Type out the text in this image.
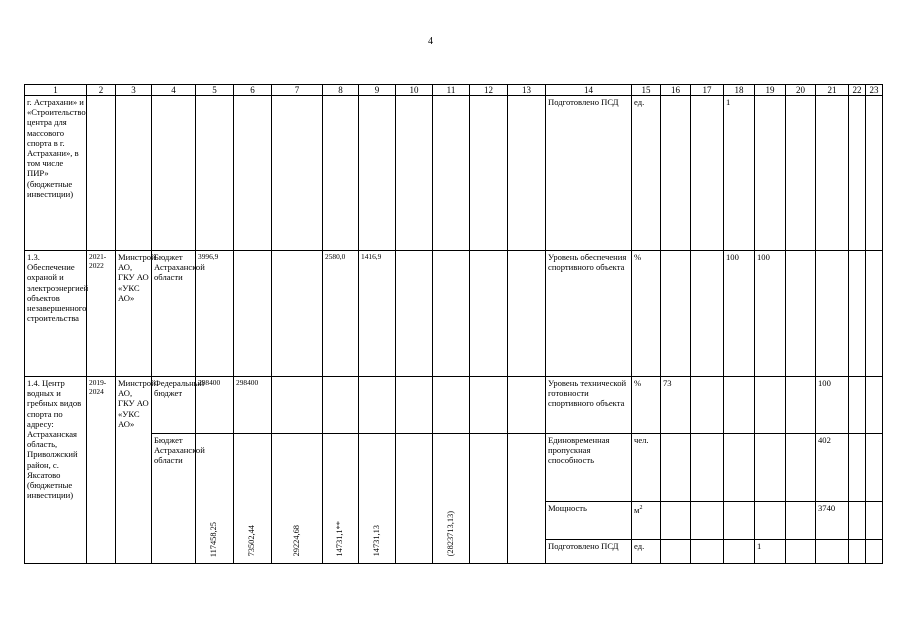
4
1	2	3	4	5	6	7	8	9	10	11	12	13	14	15	16	17	18	19	20	21	22	23
г. Астрахани» и «Строительство центра для массового спорта в г. Астрахани», в том числе ПИР» (бюджетные инвестиции)													Подготовлено ПСД	ед.			1					
1.3. Обеспечение охраной и электроэнергией объектов незавершенного строительства	2021-2022	Минстрой АО, ГКУ АО «УКС АО»	Бюджет Астраханской области	3996,9			2580,0	1416,9					Уровень обеспечения спортивного объекта	%			100	100				
1.4. Центр водных и гребных видов спорта по адресу: Астраханская область, Приволжский район, с. Яксатово (бюджетные инвестиции)	2019-2024	Минстрой АО, ГКУ АО «УКС АО»	Федеральный бюджет	298400	298400								Уровень технической готовности спортивного объекта	%	73					100		
			Бюджет Астраханской области	117458,25	73502,44	29224,68	14731,1**	14731,13		(2823713,13)			Единовременная пропускная способность	чел.						402		
													Мощность	$м^2$						3740		
													Подготовлено ПСД	ед.				1				
